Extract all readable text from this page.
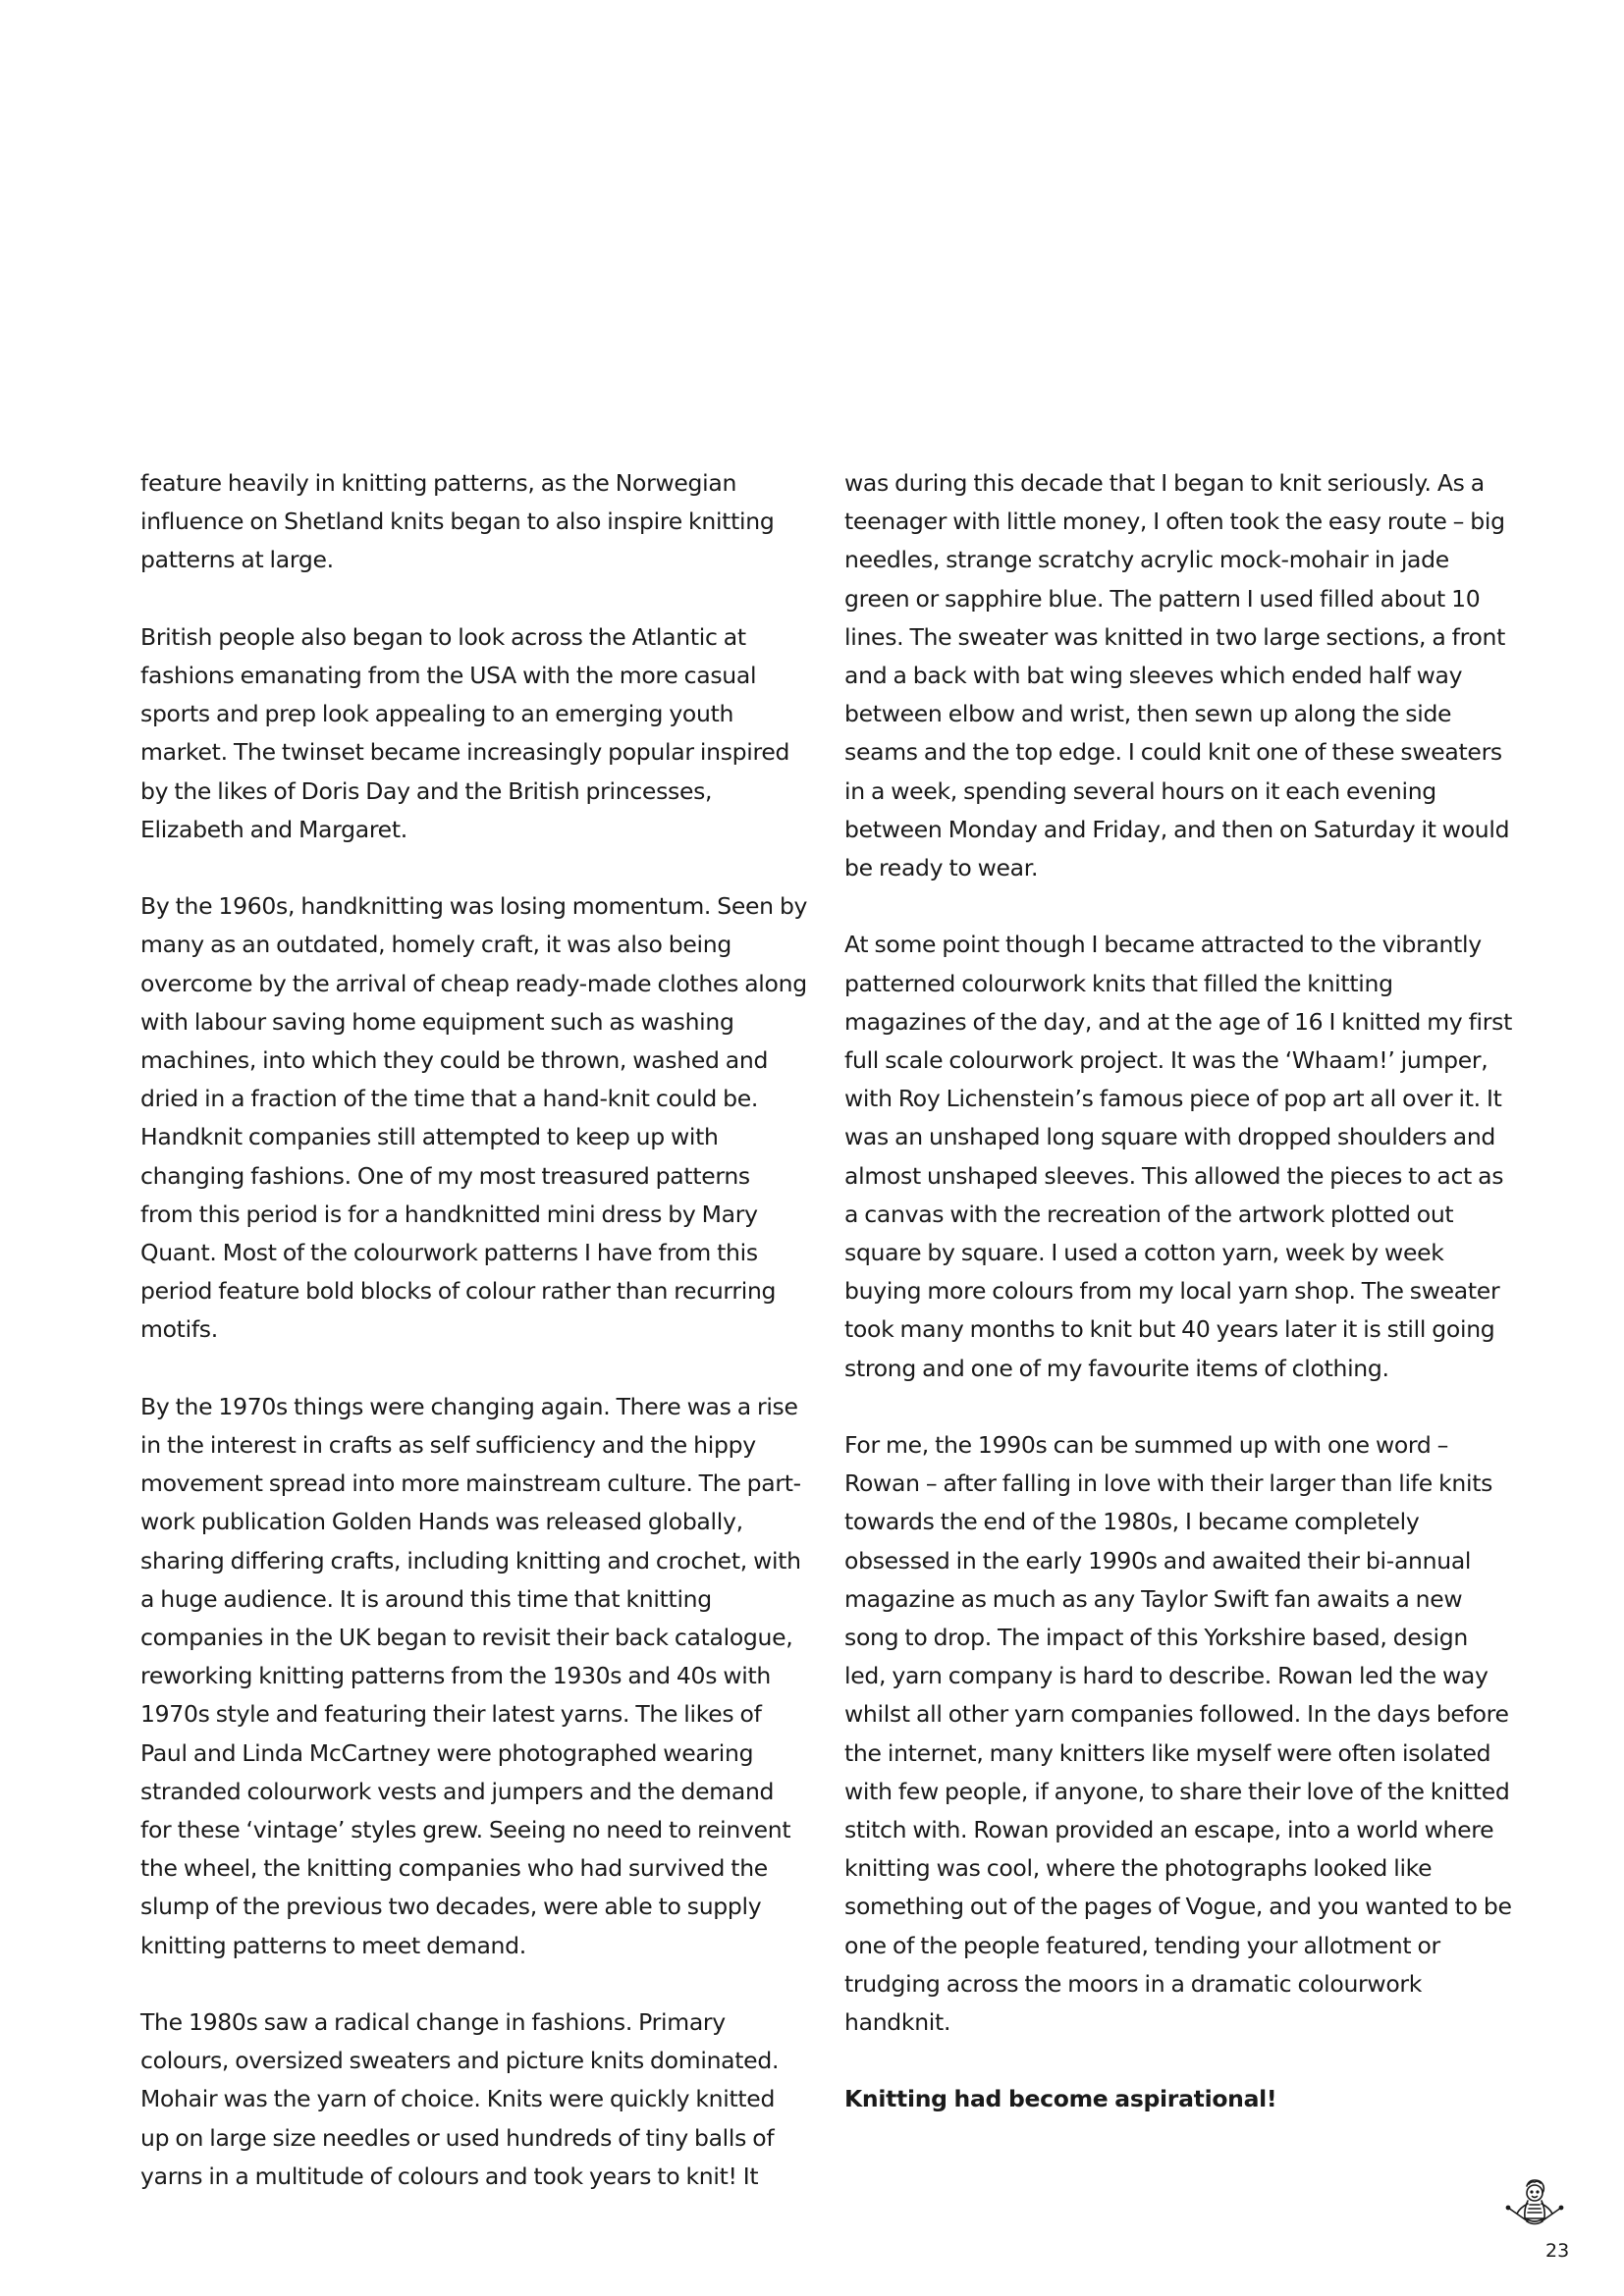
feature heavily in knitting patterns, as the Norwegian influence on Shetland knits began to also inspire knitting patterns at large.

British people also began to look across the Atlantic at fashions emanating from the USA with the more casual sports and prep look appealing to an emerging youth market. The twinset became increasingly popular inspired by the likes of Doris Day and the British princesses, Elizabeth and Margaret.

By the 1960s, handknitting was losing momentum. Seen by many as an outdated, homely craft, it was also being overcome by the arrival of cheap ready-made clothes along with labour saving home equipment such as washing machines, into which they could be thrown, washed and dried in a fraction of the time that a hand-knit could be. Handknit companies still attempted to keep up with changing fashions. One of my most treasured patterns from this period is for a handknitted mini dress by Mary Quant. Most of the colourwork patterns I have from this period feature bold blocks of colour rather than recurring motifs.

By the 1970s things were changing again. There was a rise in the interest in crafts as self sufficiency and the hippy movement spread into more mainstream culture. The part-work publication Golden Hands was released globally, sharing differing crafts, including knitting and crochet, with a huge audience. It is around this time that knitting companies in the UK began to revisit their back catalogue, reworking knitting patterns from the 1930s and 40s with 1970s style and featuring their latest yarns. The likes of Paul and Linda McCartney were photographed wearing stranded colourwork vests and jumpers and the demand for these ‘vintage’ styles grew. Seeing no need to reinvent the wheel, the knitting companies who had survived the slump of the previous two decades, were able to supply knitting patterns to meet demand.

The 1980s saw a radical change in fashions. Primary colours, oversized sweaters and picture knits dominated. Mohair was the yarn of choice. Knits were quickly knitted up on large size needles or used hundreds of tiny balls of yarns in a multitude of colours and took years to knit! It

was during this decade that I began to knit seriously. As a teenager with little money, I often took the easy route – big needles, strange scratchy acrylic mock-mohair in jade green or sapphire blue. The pattern I used filled about 10 lines. The sweater was knitted in two large sections, a front and a back with bat wing sleeves which ended half way between elbow and wrist, then sewn up along the side seams and the top edge. I could knit one of these sweaters in a week, spending several hours on it each evening between Monday and Friday, and then on Saturday it would be ready to wear.

At some point though I became attracted to the vibrantly patterned colourwork knits that filled the knitting magazines of the day, and at the age of 16 I knitted my first full scale colourwork project. It was the ‘Whaam!’ jumper, with Roy Lichenstein’s famous piece of pop art all over it. It was an unshaped long square with dropped shoulders and almost unshaped sleeves. This allowed the pieces to act as a canvas with the recreation of the artwork plotted out square by square. I used a cotton yarn, week by week buying more colours from my local yarn shop. The sweater took many months to knit but 40 years later it is still going strong and one of my favourite items of clothing.

For me, the 1990s can be summed up with one word – Rowan – after falling in love with their larger than life knits towards the end of the 1980s, I became completely obsessed in the early 1990s and awaited their bi-annual magazine as much as any Taylor Swift fan awaits a new song to drop. The impact of this Yorkshire based, design led, yarn company is hard to describe. Rowan led the way whilst all other yarn companies followed. In the days before the internet, many knitters like myself were often isolated with few people, if anyone, to share their love of the knitted stitch with. Rowan provided an escape, into a world where knitting was cool, where the photographs looked like something out of the pages of Vogue, and you wanted to be one of the people featured, tending your allotment or trudging across the moors in a dramatic colourwork handknit.

Knitting had become aspirational!

23
